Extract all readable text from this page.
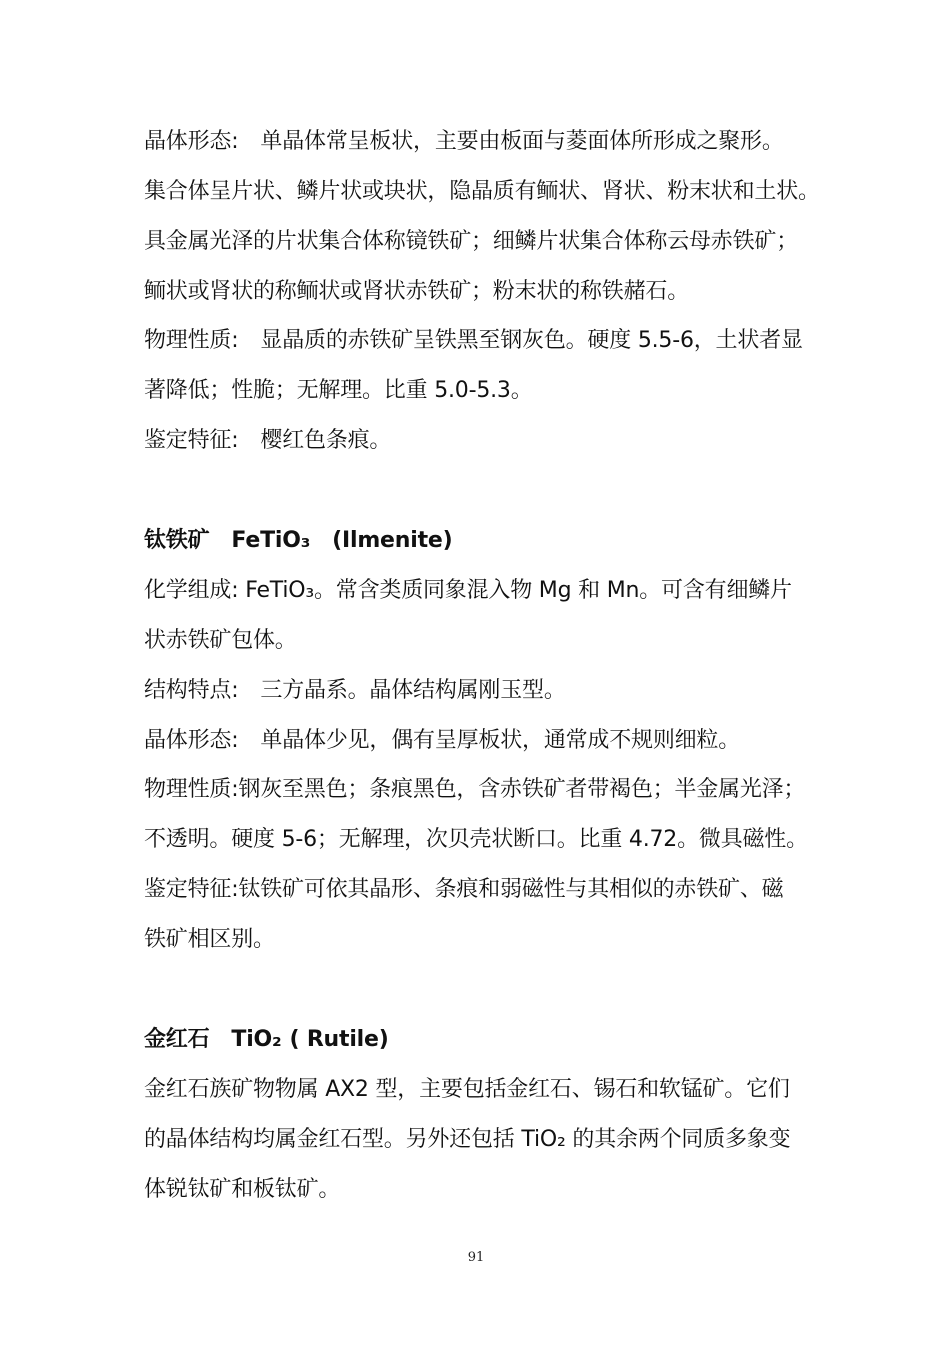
晶体形态: 单晶体常呈板状，主要由板面与菱面体所形成之聚形。
集合体呈片状、鳞片状或块状，隐晶质有鲕状、肾状、粉末状和土状。
具金属光泽的片状集合体称镜铁矿；细鳞片状集合体称云母赤铁矿；
鲕状或肾状的称鲕状或肾状赤铁矿；粉末状的称铁赭石。
物理性质: 显晶质的赤铁矿呈铁黑至钢灰色。硬度 5.5-6，土状者显
著降低；性脆；无解理。比重 5.0-5.3。
鉴定特征: 樱红色条痕。
钛铁矿 FeTiO₃ (Ilmenite)
化学组成: FeTiO₃。常含类质同象混入物 Mg 和 Mn。可含有细鳞片
状赤铁矿包体。
结构特点: 三方晶系。晶体结构属刚玉型。
晶体形态: 单晶体少见，偶有呈厚板状，通常成不规则细粒。
物理性质:钢灰至黑色；条痕黑色，含赤铁矿者带褐色；半金属光泽；
不透明。硬度 5-6；无解理，次贝壳状断口。比重 4.72。微具磁性。
鉴定特征:钛铁矿可依其晶形、条痕和弱磁性与其相似的赤铁矿、磁
铁矿相区别。
金红石 TiO₂ ( Rutile)
金红石族矿物物属 AX2 型，主要包括金红石、锡石和软锰矿。它们
的晶体结构均属金红石型。另外还包括 TiO₂ 的其余两个同质多象变
体锐钛矿和板钛矿。
91
